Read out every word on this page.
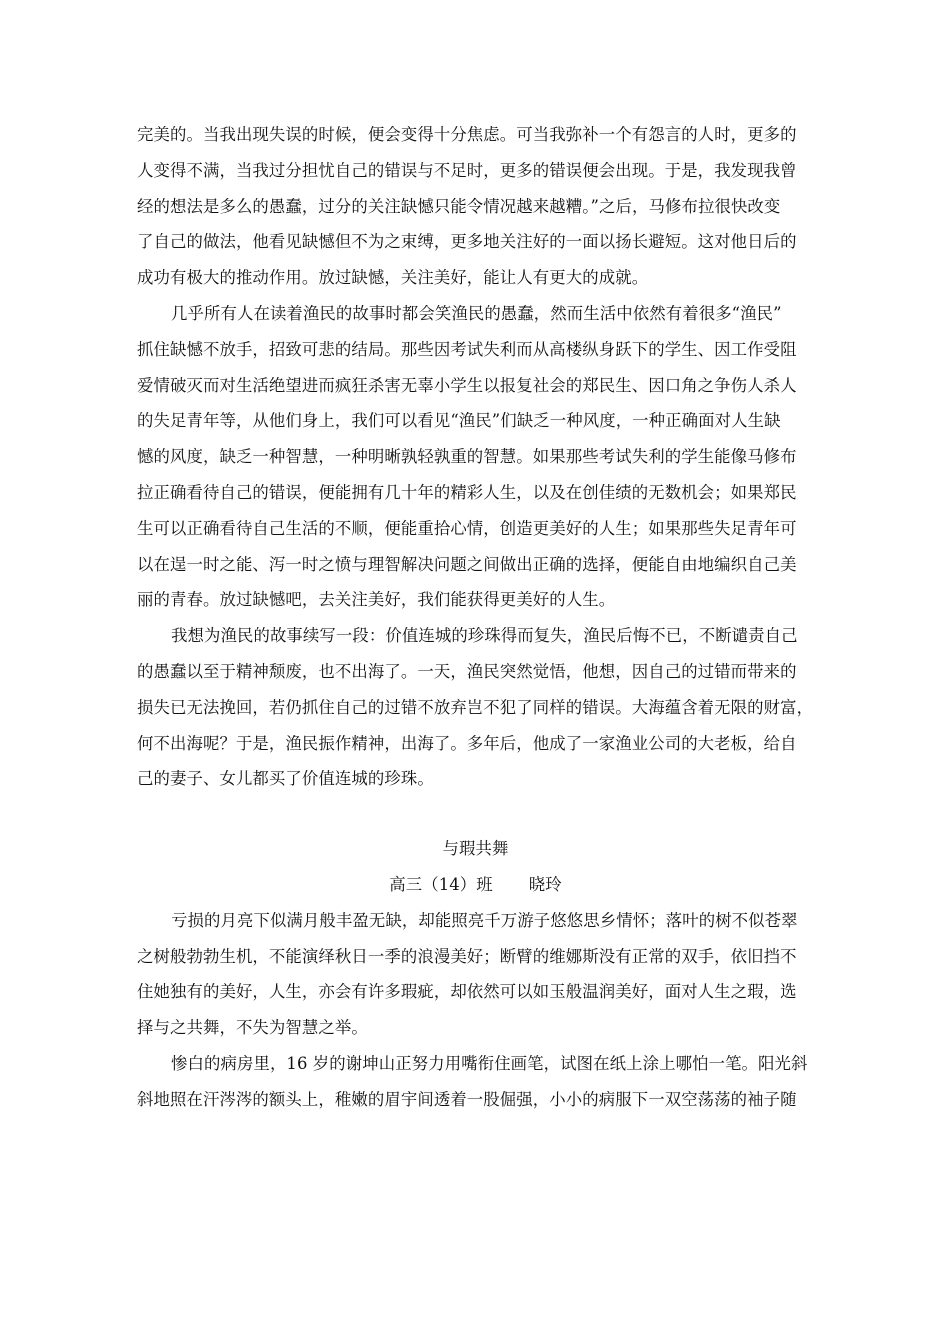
完美的。当我出现失误的时候，便会变得十分焦虑。可当我弥补一个有怨言的人时，更多的
人变得不满，当我过分担忧自己的错误与不足时，更多的错误便会出现。于是，我发现我曾
经的想法是多么的愚蠢，过分的关注缺憾只能令情况越来越糟。”之后，马修布拉很快改变
了自己的做法，他看见缺憾但不为之束缚，更多地关注好的一面以扬长避短。这对他日后的
成功有极大的推动作用。放过缺憾，关注美好，能让人有更大的成就。
几乎所有人在读着渔民的故事时都会笑渔民的愚蠢，然而生活中依然有着很多“渔民”
抓住缺憾不放手，招致可悲的结局。那些因考试失利而从高楼纵身跃下的学生、因工作受阻
爱情破灭而对生活绝望进而疯狂杀害无辜小学生以报复社会的郑民生、因口角之争伤人杀人
的失足青年等，从他们身上，我们可以看见“渔民”们缺乏一种风度，一种正确面对人生缺
憾的风度，缺乏一种智慧，一种明晰孰轻孰重的智慧。如果那些考试失利的学生能像马修布
拉正确看待自己的错误，便能拥有几十年的精彩人生，以及在创佳绩的无数机会；如果郑民
生可以正确看待自己生活的不顺，便能重拾心情，创造更美好的人生；如果那些失足青年可
以在逞一时之能、泻一时之愤与理智解决问题之间做出正确的选择，便能自由地编织自己美
丽的青春。放过缺憾吧，去关注美好，我们能获得更美好的人生。
我想为渔民的故事续写一段：价值连城的珍珠得而复失，渔民后悔不已，不断谴责自己
的愚蠢以至于精神颓废，也不出海了。一天，渔民突然觉悟，他想，因自己的过错而带来的
损失已无法挽回，若仍抓住自己的过错不放弃岂不犯了同样的错误。大海蕴含着无限的财富，
何不出海呢？于是，渔民振作精神，出海了。多年后，他成了一家渔业公司的大老板，给自
己的妻子、女儿都买了价值连城的珍珠。
与瑕共舞
高三（14）班 晓玲
亏损的月亮下似满月般丰盈无缺，却能照亮千万游子悠悠思乡情怀；落叶的树不似苍翠
之树般勃勃生机，不能演绎秋日一季的浪漫美好；断臂的维娜斯没有正常的双手，依旧挡不
住她独有的美好，人生，亦会有许多瑕疵，却依然可以如玉般温润美好，面对人生之瑕，选
择与之共舞，不失为智慧之举。
惨白的病房里，16 岁的谢坤山正努力用嘴衔住画笔，试图在纸上涂上哪怕一笔。阳光斜
斜地照在汗涔涔的额头上，稚嫩的眉宇间透着一股倔强，小小的病服下一双空荡荡的袖子随
